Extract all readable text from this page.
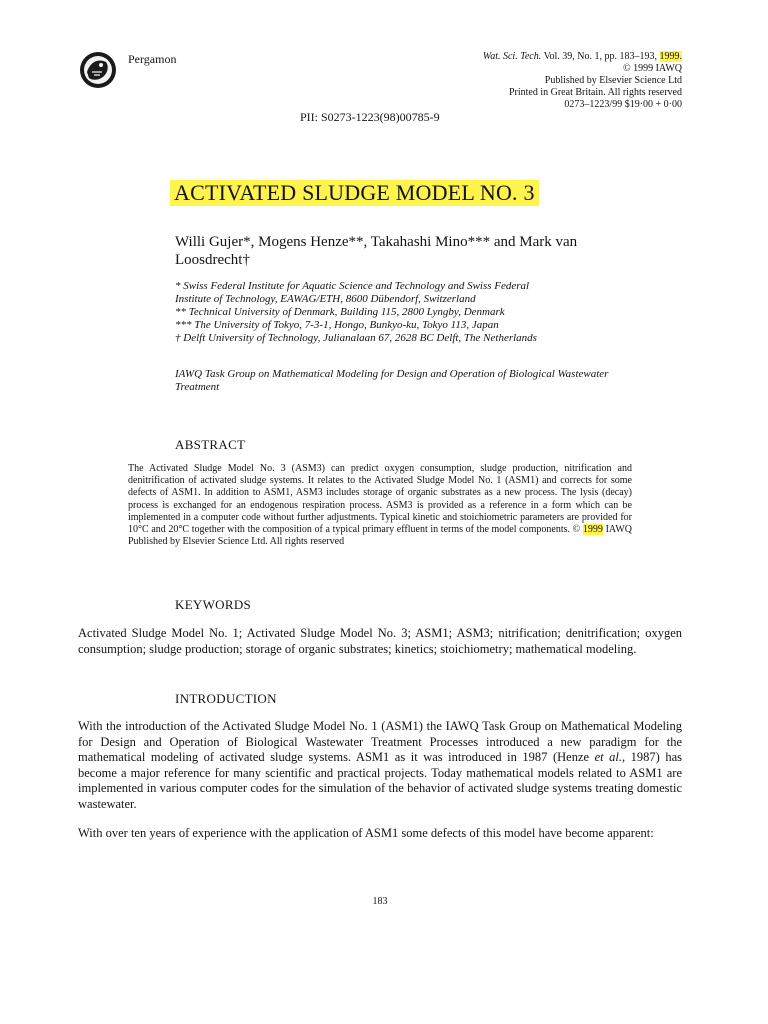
Pergamon	Wat. Sci. Tech. Vol. 39, No. 1, pp. 183–193, 1999.
© 1999 IAWQ
Published by Elsevier Science Ltd
Printed in Great Britain. All rights reserved
0273–1223/99 $19·00 + 0·00
PII: S0273-1223(98)00785-9
ACTIVATED SLUDGE MODEL NO. 3
Willi Gujer*, Mogens Henze**, Takahashi Mino*** and Mark van Loosdrecht†
* Swiss Federal Institute for Aquatic Science and Technology and Swiss Federal
Institute of Technology, EAWAG/ETH, 8600 Dübendorf, Switzerland
** Technical University of Denmark, Building 115, 2800 Lyngby, Denmark
*** The University of Tokyo, 7-3-1, Hongo, Bunkyo-ku, Tokyo 113, Japan
† Delft University of Technology, Julianalaan 67, 2628 BC Delft, The Netherlands
IAWQ Task Group on Mathematical Modeling for Design and Operation of Biological Wastewater Treatment
ABSTRACT
The Activated Sludge Model No. 3 (ASM3) can predict oxygen consumption, sludge production, nitrification and denitrification of activated sludge systems. It relates to the Activated Sludge Model No. 1 (ASM1) and corrects for some defects of ASM1. In addition to ASM1, ASM3 includes storage of organic substrates as a new process. The lysis (decay) process is exchanged for an endogenous respiration process. ASM3 is provided as a reference in a form which can be implemented in a computer code without further adjustments. Typical kinetic and stoichiometric parameters are provided for 10°C and 20°C together with the composition of a typical primary effluent in terms of the model components. © 1999 IAWQ Published by Elsevier Science Ltd. All rights reserved
KEYWORDS
Activated Sludge Model No. 1; Activated Sludge Model No. 3; ASM1; ASM3; nitrification; denitrification; oxygen consumption; sludge production; storage of organic substrates; kinetics; stoichiometry; mathematical modeling.
INTRODUCTION
With the introduction of the Activated Sludge Model No. 1 (ASM1) the IAWQ Task Group on Mathematical Modeling for Design and Operation of Biological Wastewater Treatment Processes introduced a new paradigm for the mathematical modeling of activated sludge systems. ASM1 as it was introduced in 1987 (Henze et al., 1987) has become a major reference for many scientific and practical projects. Today mathematical models related to ASM1 are implemented in various computer codes for the simulation of the behavior of activated sludge systems treating domestic wastewater.
With over ten years of experience with the application of ASM1 some defects of this model have become apparent:
183
